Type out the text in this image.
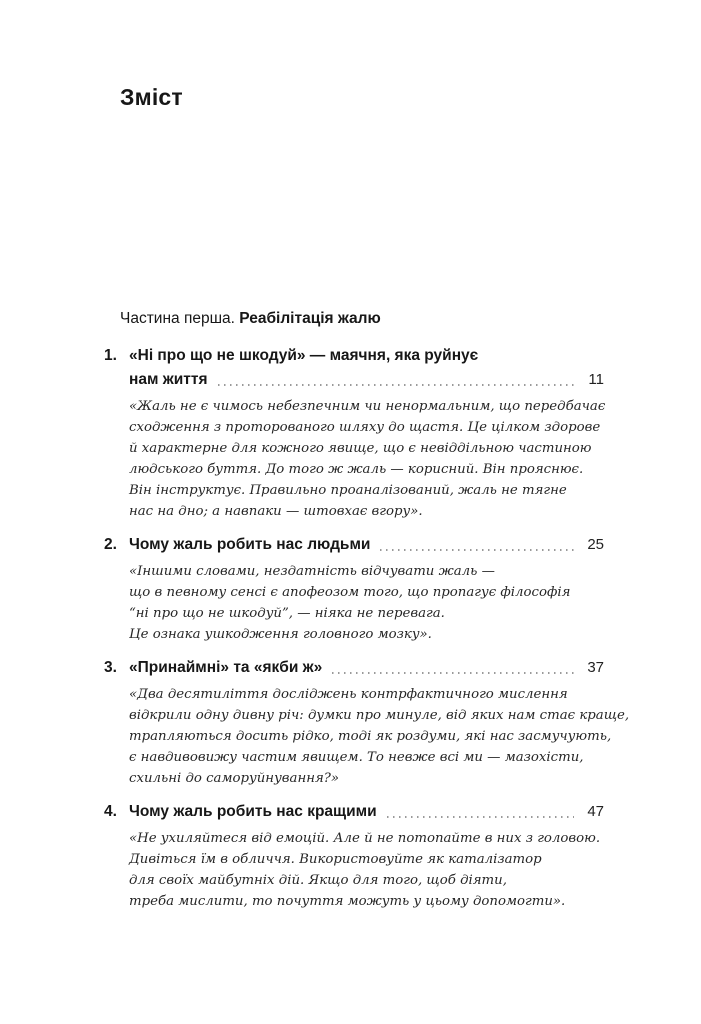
Зміст

Частина перша. Реабілітація жалю

1. «Ні про що не шкодуй» — маячня, яка руйнує
нам життя	11
«Жаль не є чимось небезпечним чи ненормальним, що передбачає
сходження з проторованого шляху до щастя. Це цілком здорове
й характерне для кожного явище, що є невіддільною частиною
людського буття. До того ж жаль — корисний. Він прояснює.
Він інструктує. Правильно проаналізований, жаль не тягне
нас на дно; а навпаки — штовхає вгору».
2. Чому жаль робить нас людьми	25
«Іншими словами, нездатність відчувати жаль —
що в певному сенсі є апофеозом того, що пропагує філософія
“ні про що не шкодуй”, — ніяка не перевага.
Це ознака ушкодження головного мозку».
3. «Принаймні» та «якби ж»	37
«Два десятиліття досліджень контрфактичного мислення
відкрили одну дивну річ: думки про минуле, від яких нам стає краще,
трапляються досить рідко, тоді як роздуми, які нас засмучують,
є навдивовижу частим явищем. То невже всі ми — мазохісти,
схильні до саморуйнування?»
4. Чому жаль робить нас кращими	47
«Не ухиляйтеся від емоцій. Але й не потопайте в них з головою.
Дивіться їм в обличчя. Використовуйте як каталізатор
для своїх майбутніх дій. Якщо для того, щоб діяти,
треба мислити, то почуття можуть у цьому допомогти».
